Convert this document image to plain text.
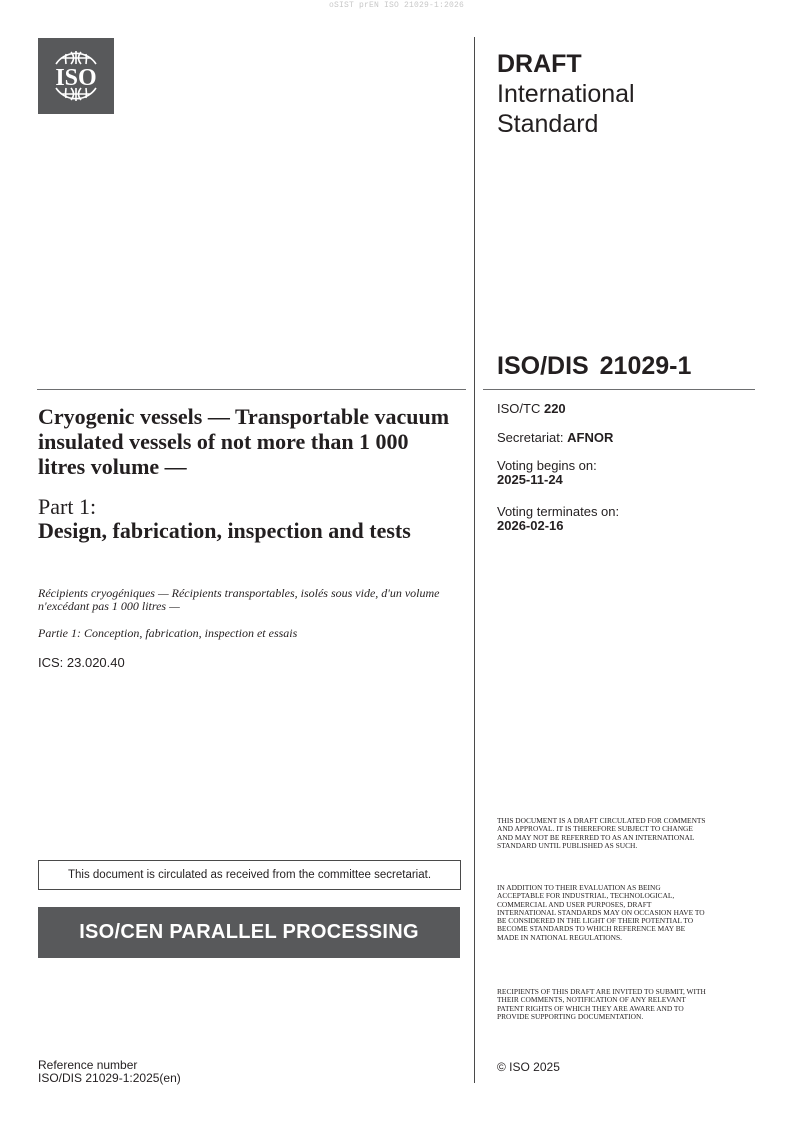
oSIST prEN ISO 21029-1:2026
ISO	DRAFT
International
Standard
ISO/DIS 21029-1
ISO/TC 220
Secretariat: AFNOR
Voting begins on:
2025-11-24
Voting terminates on:
2026-02-16
Cryogenic vessels — Transportable vacuum insulated vessels of not more than 1 000 litres volume —
Part 1:
Design, fabrication, inspection and tests
Récipients cryogéniques — Récipients transportables, isolés sous vide, d'un volume n'excédant pas 1 000 litres —
Partie 1: Conception, fabrication, inspection et essais
ICS: 23.020.40
This document is circulated as received from the committee secretariat.
ISO/CEN PARALLEL PROCESSING
THIS DOCUMENT IS A DRAFT CIRCULATED FOR COMMENTS AND APPROVAL. IT IS THEREFORE SUBJECT TO CHANGE AND MAY NOT BE REFERRED TO AS AN INTERNATIONAL STANDARD UNTIL PUBLISHED AS SUCH.
IN ADDITION TO THEIR EVALUATION AS BEING ACCEPTABLE FOR INDUSTRIAL, TECHNOLOGICAL, COMMERCIAL AND USER PURPOSES, DRAFT INTERNATIONAL STANDARDS MAY ON OCCASION HAVE TO BE CONSIDERED IN THE LIGHT OF THEIR POTENTIAL TO BECOME STANDARDS TO WHICH REFERENCE MAY BE MADE IN NATIONAL REGULATIONS.
RECIPIENTS OF THIS DRAFT ARE INVITED TO SUBMIT, WITH THEIR COMMENTS, NOTIFICATION OF ANY RELEVANT PATENT RIGHTS OF WHICH THEY ARE AWARE AND TO PROVIDE SUPPORTING DOCUMENTATION.
© ISO 2025
Reference number
ISO/DIS 21029-1:2025(en)
